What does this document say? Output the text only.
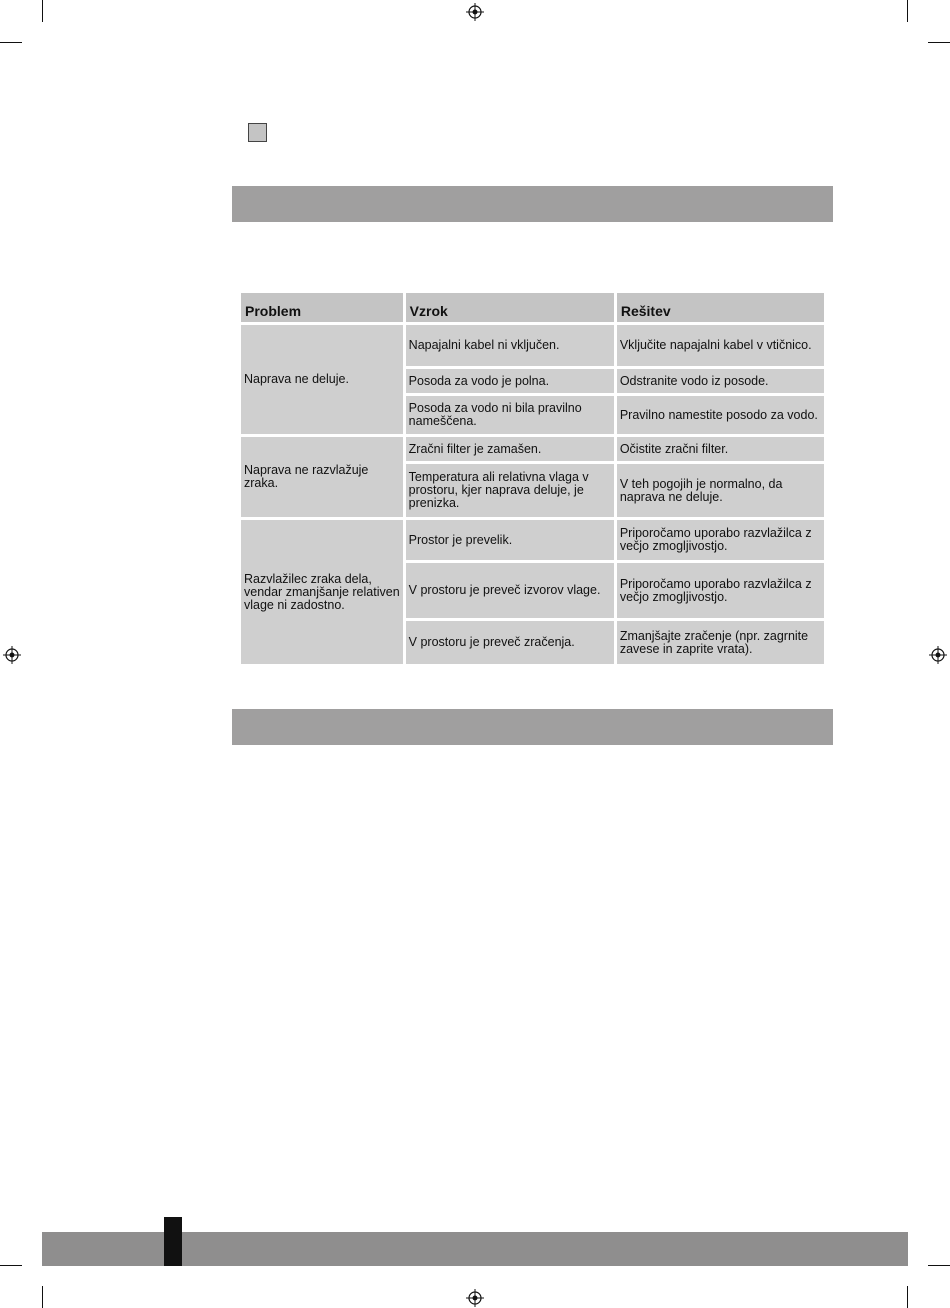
Problem	Vzrok	Rešitev
Naprava ne deluje.	Napajalni kabel ni vključen.	Vključite napajalni kabel v vtičnico.
	Posoda za vodo je polna.	Odstranite vodo iz posode.
	Posoda za vodo ni bila pravilno nameščena.	Pravilno namestite posodo za vodo.
Naprava ne razvlažuje zraka.	Zračni filter je zamašen.	Očistite zračni filter.
	Temperatura ali relativna vlaga v prostoru, kjer naprava deluje, je prenizka.	V teh pogojih je normalno, da naprava ne deluje.
Razvlažilec zraka dela, vendar zmanjšanje relativen vlage ni zadostno.	Prostor je prevelik.	Priporočamo uporabo razvlažilca z večjo zmogljivostjo.
	V prostoru je preveč izvorov vlage.	Priporočamo uporabo razvlažilca z večjo zmogljivostjo.
	V prostoru je preveč zračenja.	Zmanjšajte zračenje (npr. zagrnite zavese in zaprite vrata).
